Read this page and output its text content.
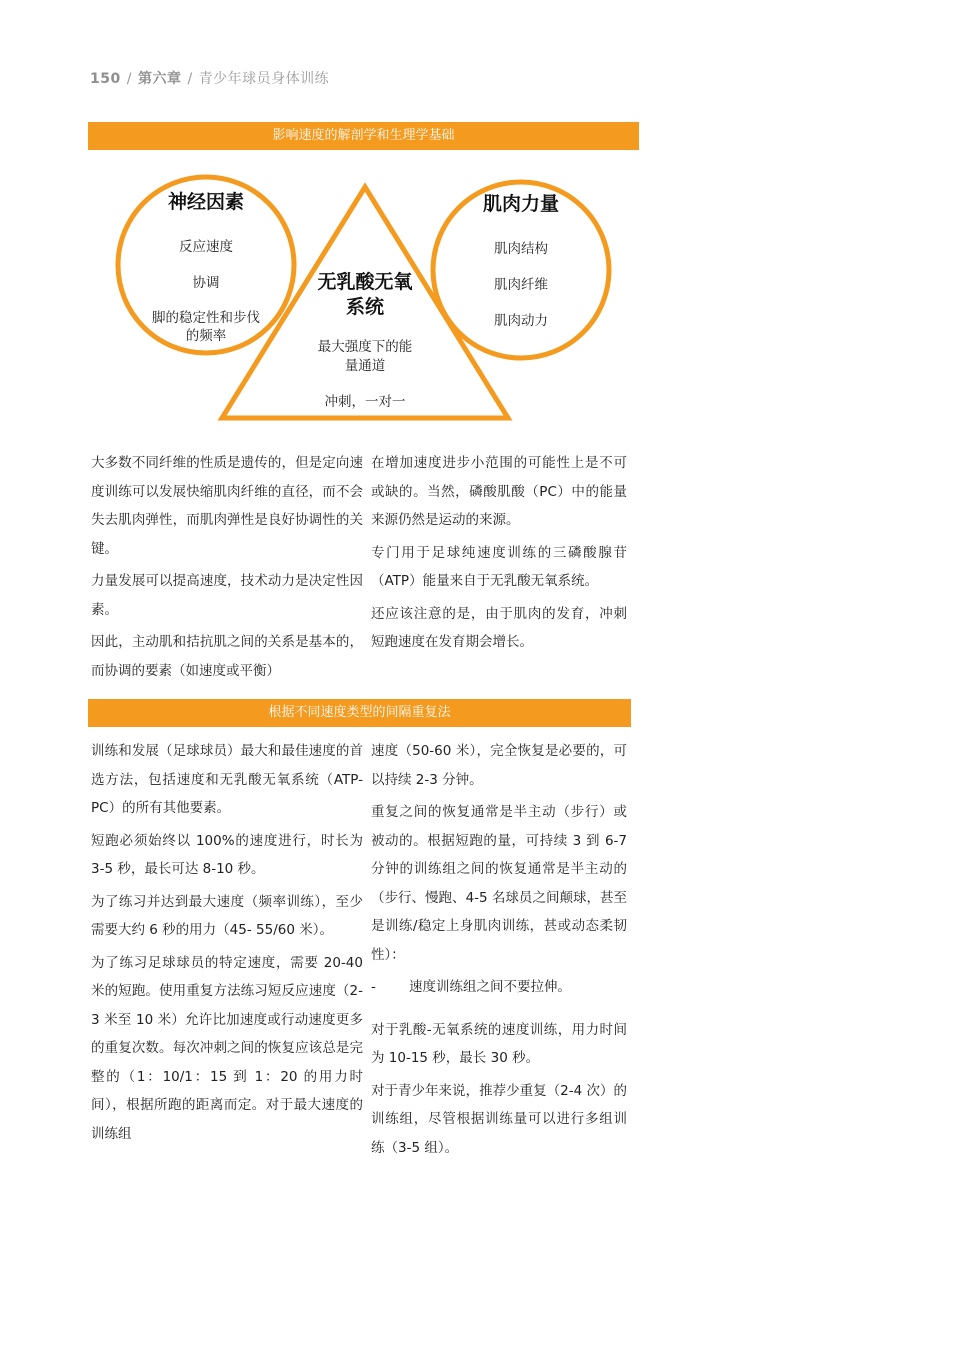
150 / 第六章 / 青少年球员身体训练
影响速度的解剖学和生理学基础
神经因素
反应速度
协调
脚的稳定性和步伐
的频率
肌肉力量
肌肉结构
肌肉纤维
肌肉动力
无乳酸无氧
系统
最大强度下的能
量通道
冲刺，一对一

大多数不同纤维的性质是遗传的，但是定向速度训练可以发展快缩肌肉纤维的直径，而不会失去肌肉弹性，而肌肉弹性是良好协调性的关键。

力量发展可以提高速度，技术动力是决定性因素。

因此，主动肌和拮抗肌之间的关系是基本的，而协调的要素（如速度或平衡）

在增加速度进步小范围的可能性上是不可或缺的。当然，磷酸肌酸（PC）中的能量来源仍然是运动的来源。

专门用于足球纯速度训练的三磷酸腺苷（ATP）能量来自于无乳酸无氧系统。

还应该注意的是，由于肌肉的发育，冲刺短跑速度在发育期会增长。

根据不同速度类型的间隔重复法

训练和发展（足球球员）最大和最佳速度的首选方法，包括速度和无乳酸无氧系统（ATP-PC）的所有其他要素。

短跑必须始终以 100%的速度进行，时长为 3-5 秒，最长可达 8-10 秒。

为了练习并达到最大速度（频率训练），至少需要大约 6 秒的用力（45- 55/60 米）。

为了练习足球球员的特定速度，需要 20-40 米的短跑。使用重复方法练习短反应速度（2-3 米至 10 米）允许比加速度或行动速度更多的重复次数。每次冲刺之间的恢复应该总是完整的（1：10/1：15 到 1：20 的用力时间），根据所跑的距离而定。对于最大速度的训练组

速度（50-60 米），完全恢复是必要的，可以持续 2-3 分钟。

重复之间的恢复通常是半主动（步行）或被动的。根据短跑的量，可持续 3 到 6-7 分钟的训练组之间的恢复通常是半主动的（步行、慢跑、4-5 名球员之间颠球，甚至是训练/稳定上身肌肉训练，甚或动态柔韧性）：

-	速度训练组之间不要拉伸。

对于乳酸-无氧系统的速度训练，用力时间为 10-15 秒，最长 30 秒。

对于青少年来说，推荐少重复（2-4 次）的训练组，尽管根据训练量可以进行多组训练（3-5 组）。
